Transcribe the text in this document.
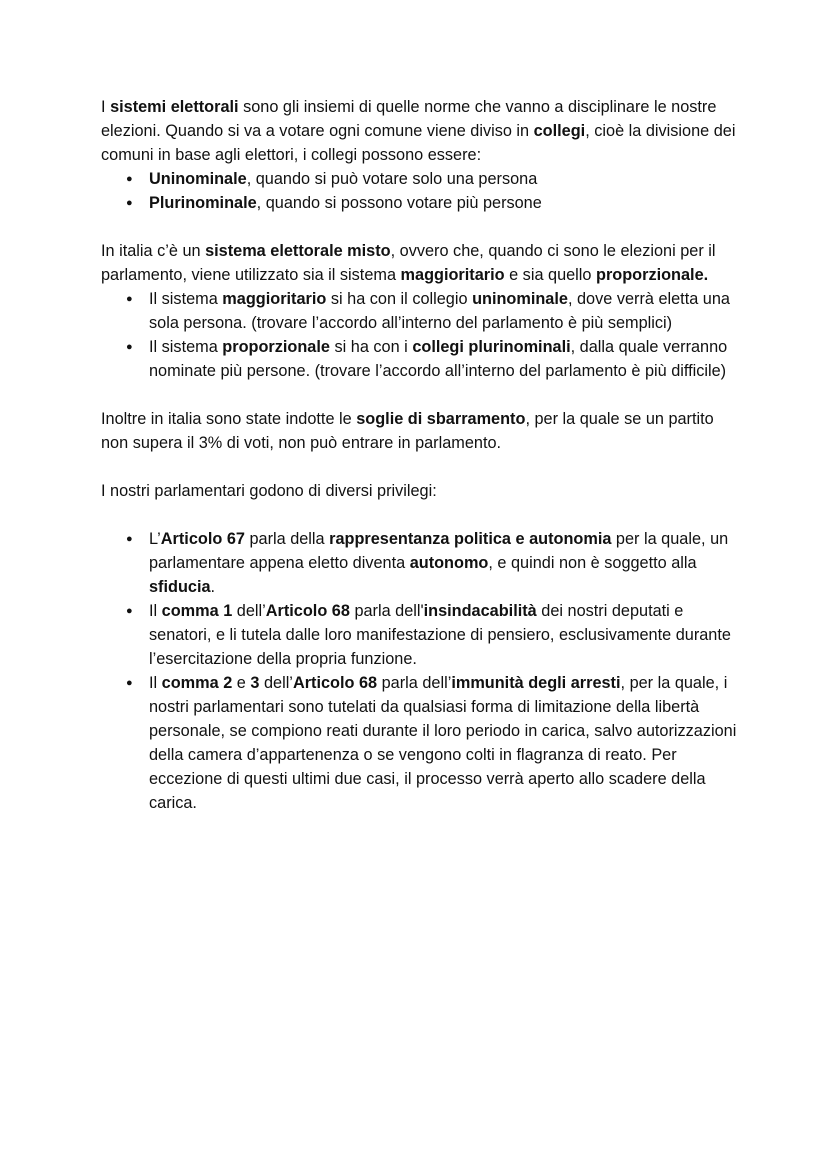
I sistemi elettorali sono gli insiemi di quelle norme che vanno a disciplinare le nostre elezioni. Quando si va a votare ogni comune viene diviso in collegi, cioè la divisione dei comuni in base agli elettori, i collegi possono essere:

● Uninominale, quando si può votare solo una persona
● Plurinominale, quando si possono votare più persone

In italia c’è un sistema elettorale misto, ovvero che, quando ci sono le elezioni per il parlamento, viene utilizzato sia il sistema maggioritario e sia quello proporzionale.

● Il sistema maggioritario si ha con il collegio uninominale, dove verrà eletta una sola persona. (trovare l’accordo all’interno del parlamento è più semplici)
● Il sistema proporzionale si ha con i collegi plurinominali, dalla quale verranno nominate più persone. (trovare l’accordo all’interno del parlamento è più difficile)

Inoltre in italia sono state indotte le soglie di sbarramento, per la quale se un partito non supera il 3% di voti, non può entrare in parlamento.

I nostri parlamentari godono di diversi privilegi:

● L’Articolo 67 parla della rappresentanza politica e autonomia per la quale, un parlamentare appena eletto diventa autonomo, e quindi non è soggetto alla sfiducia.
● Il comma 1 dell’Articolo 68 parla dell'insindacabilità dei nostri deputati e senatori, e li tutela dalle loro manifestazione di pensiero, esclusivamente durante l’esercitazione della propria funzione.
● Il comma 2 e 3 dell’Articolo 68 parla dell’immunità degli arresti, per la quale, i nostri parlamentari sono tutelati da qualsiasi forma di limitazione della libertà personale, se compiono reati durante il loro periodo in carica, salvo autorizzazioni della camera d’appartenenza o se vengono colti in flagranza di reato. Per eccezione di questi ultimi due casi, il processo verrà aperto allo scadere della carica.
